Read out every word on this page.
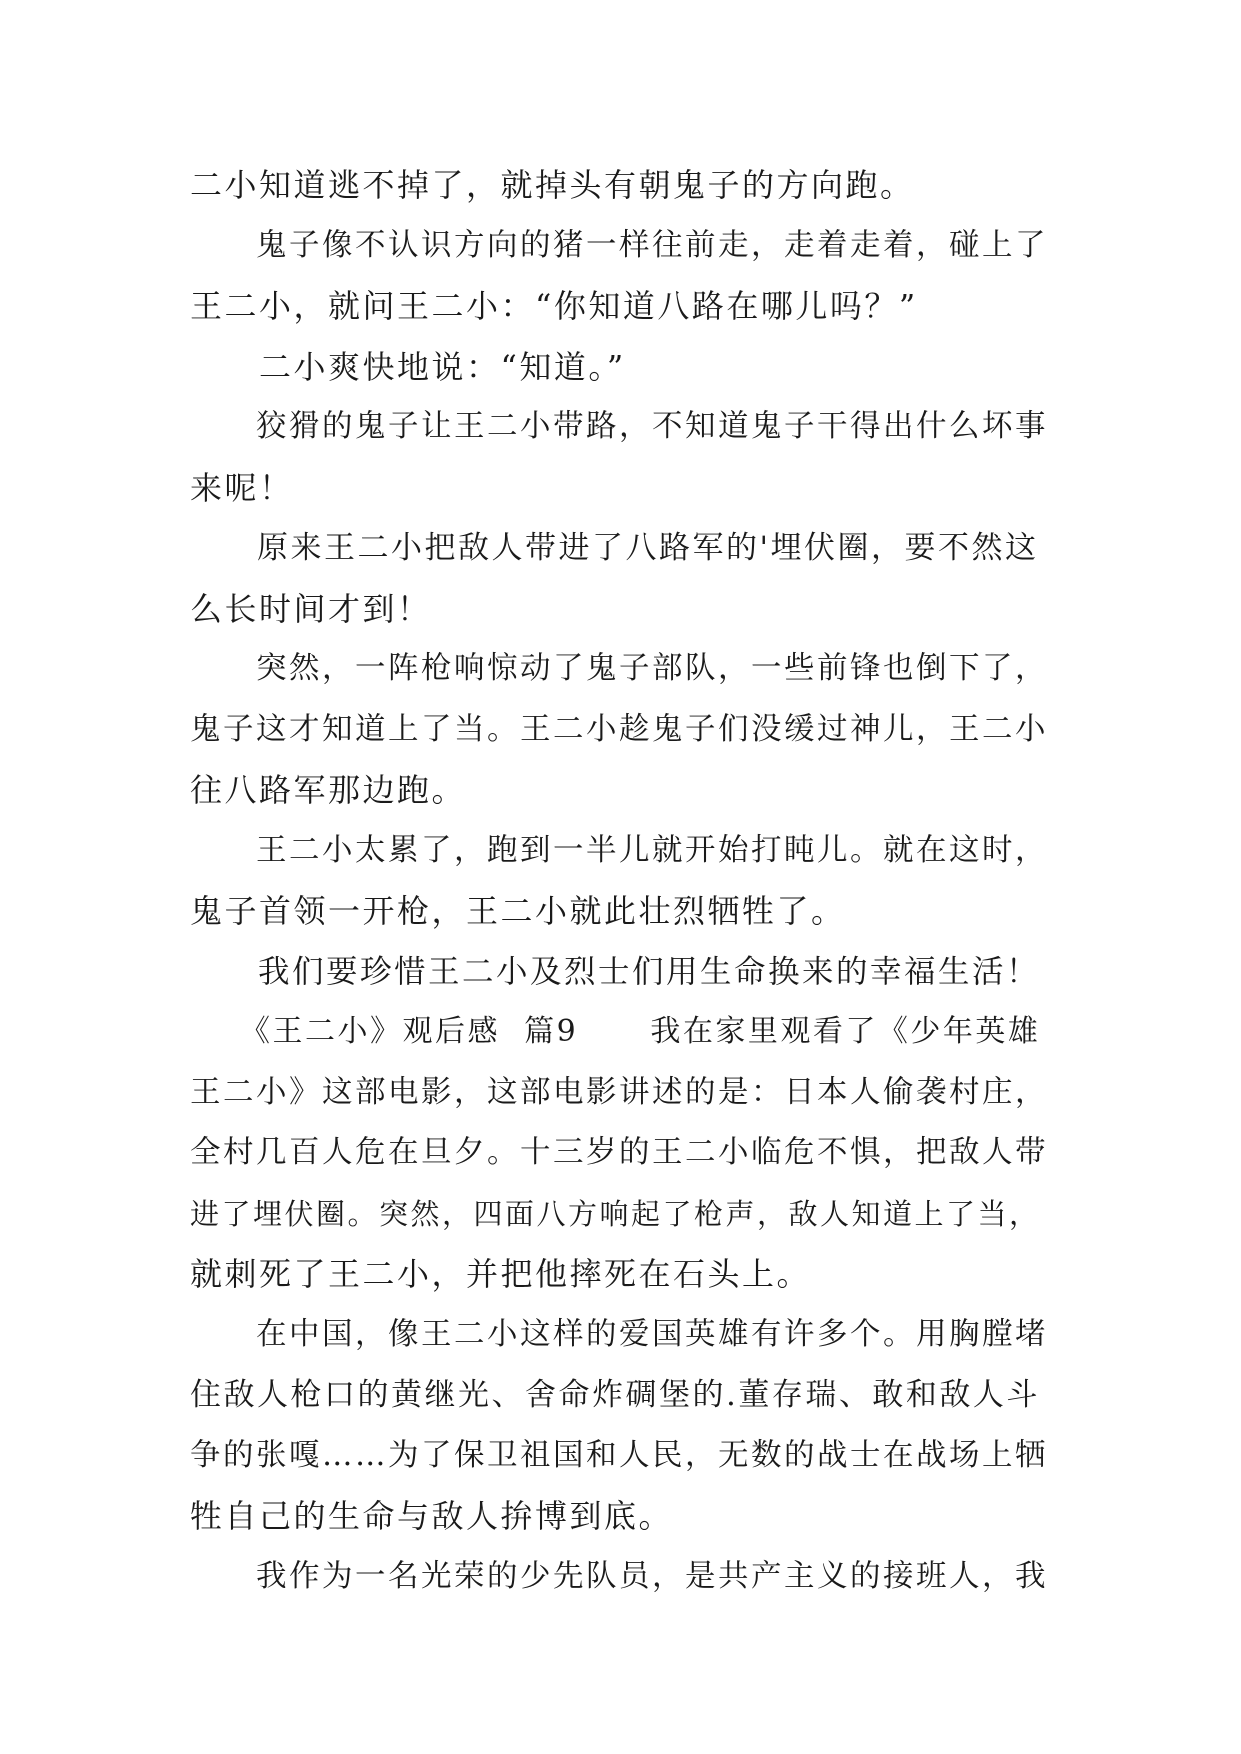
二小知道逃不掉了，就掉头有朝鬼子的方向跑。
　　鬼子像不认识方向的猪一样往前走，走着走着，碰上了
王二小，就问王二小：“你知道八路在哪儿吗？”
　　二小爽快地说：“知道。”
　　狡猾的鬼子让王二小带路，不知道鬼子干得出什么坏事
来呢！
　　原来王二小把敌人带进了八路军的'埋伏圈，要不然这
么长时间才到！
　　突然，一阵枪响惊动了鬼子部队，一些前锋也倒下了，
鬼子这才知道上了当。王二小趁鬼子们没缓过神儿，王二小
往八路军那边跑。
　　王二小太累了，跑到一半儿就开始打盹儿。就在这时，
鬼子首领一开枪，王二小就此壮烈牺牲了。
　　我们要珍惜王二小及烈士们用生命换来的幸福生活！
　　《王二小》观后感  篇9      我在家里观看了《少年英雄
王二小》这部电影，这部电影讲述的是：日本人偷袭村庄，
全村几百人危在旦夕。十三岁的王二小临危不惧，把敌人带
进了埋伏圈。突然，四面八方响起了枪声，敌人知道上了当，
就刺死了王二小，并把他摔死在石头上。
　　在中国，像王二小这样的爱国英雄有许多个。用胸膛堵
住敌人枪口的黄继光、舍命炸碉堡的.董存瑞、敢和敌人斗
争的张嘎……为了保卫祖国和人民，无数的战士在战场上牺
牲自己的生命与敌人拚博到底。
　　我作为一名光荣的少先队员，是共产主义的接班人，我
